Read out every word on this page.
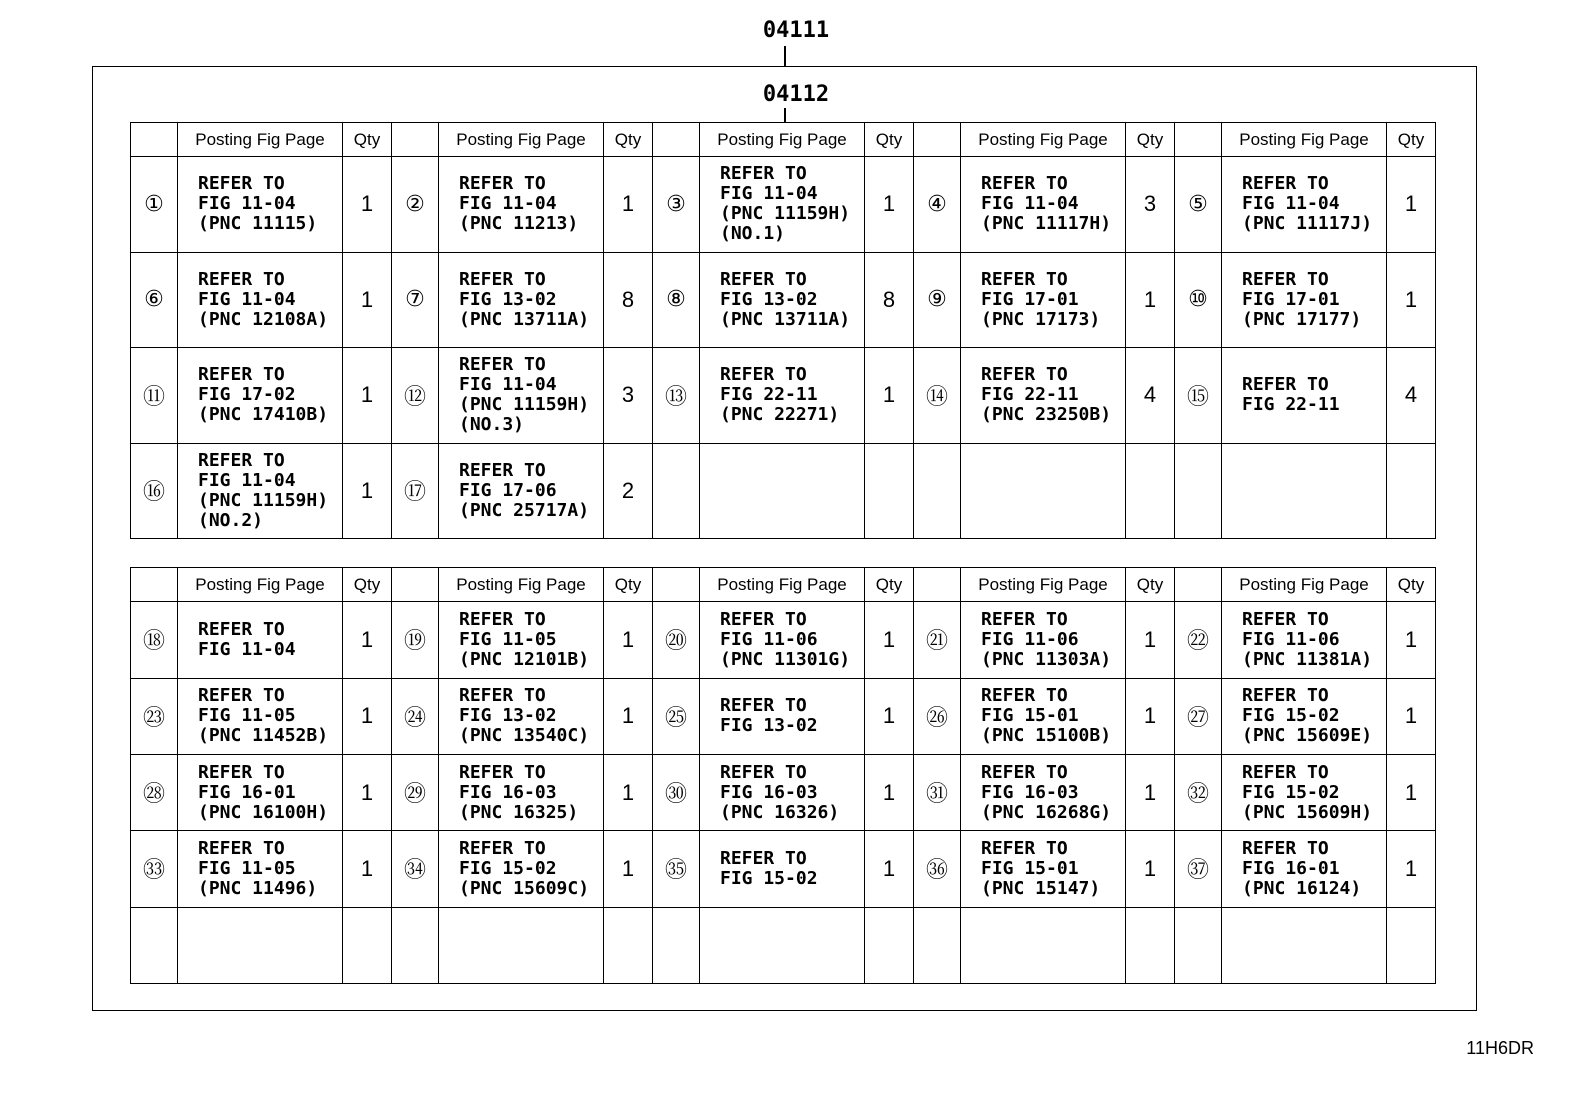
04111
04112
	Posting Fig Page	Qty		Posting Fig Page	Qty		Posting Fig Page	Qty		Posting Fig Page	Qty		Posting Fig Page	Qty
①	REFER TO
FIG 11-04
(PNC 11115)	1	②	REFER TO
FIG 11-04
(PNC 11213)	1	③	REFER TO
FIG 11-04
(PNC 11159H)
(NO.1)	1	④	REFER TO
FIG 11-04
(PNC 11117H)	3	⑤	REFER TO
FIG 11-04
(PNC 11117J)	1
⑥	REFER TO
FIG 11-04
(PNC 12108A)	1	⑦	REFER TO
FIG 13-02
(PNC 13711A)	8	⑧	REFER TO
FIG 13-02
(PNC 13711A)	8	⑨	REFER TO
FIG 17-01
(PNC 17173)	1	⑩	REFER TO
FIG 17-01
(PNC 17177)	1
⑪	REFER TO
FIG 17-02
(PNC 17410B)	1	⑫	REFER TO
FIG 11-04
(PNC 11159H)
(NO.3)	3	⑬	REFER TO
FIG 22-11
(PNC 22271)	1	⑭	REFER TO
FIG 22-11
(PNC 23250B)	4	⑮	REFER TO
FIG 22-11	4
⑯	REFER TO
FIG 11-04
(PNC 11159H)
(NO.2)	1	⑰	REFER TO
FIG 17-06
(PNC 25717A)	2									
	Posting Fig Page	Qty		Posting Fig Page	Qty		Posting Fig Page	Qty		Posting Fig Page	Qty		Posting Fig Page	Qty
⑱	REFER TO
FIG 11-04	1	⑲	REFER TO
FIG 11-05
(PNC 12101B)	1	⑳	REFER TO
FIG 11-06
(PNC 11301G)	1	㉑	REFER TO
FIG 11-06
(PNC 11303A)	1	㉒	REFER TO
FIG 11-06
(PNC 11381A)	1
㉓	REFER TO
FIG 11-05
(PNC 11452B)	1	㉔	REFER TO
FIG 13-02
(PNC 13540C)	1	㉕	REFER TO
FIG 13-02	1	㉖	REFER TO
FIG 15-01
(PNC 15100B)	1	㉗	REFER TO
FIG 15-02
(PNC 15609E)	1
㉘	REFER TO
FIG 16-01
(PNC 16100H)	1	㉙	REFER TO
FIG 16-03
(PNC 16325)	1	㉚	REFER TO
FIG 16-03
(PNC 16326)	1	㉛	REFER TO
FIG 16-03
(PNC 16268G)	1	㉜	REFER TO
FIG 15-02
(PNC 15609H)	1
㉝	REFER TO
FIG 11-05
(PNC 11496)	1	㉞	REFER TO
FIG 15-02
(PNC 15609C)	1	㉟	REFER TO
FIG 15-02	1	㊱	REFER TO
FIG 15-01
(PNC 15147)	1	㊲	REFER TO
FIG 16-01
(PNC 16124)	1

11H6DR
